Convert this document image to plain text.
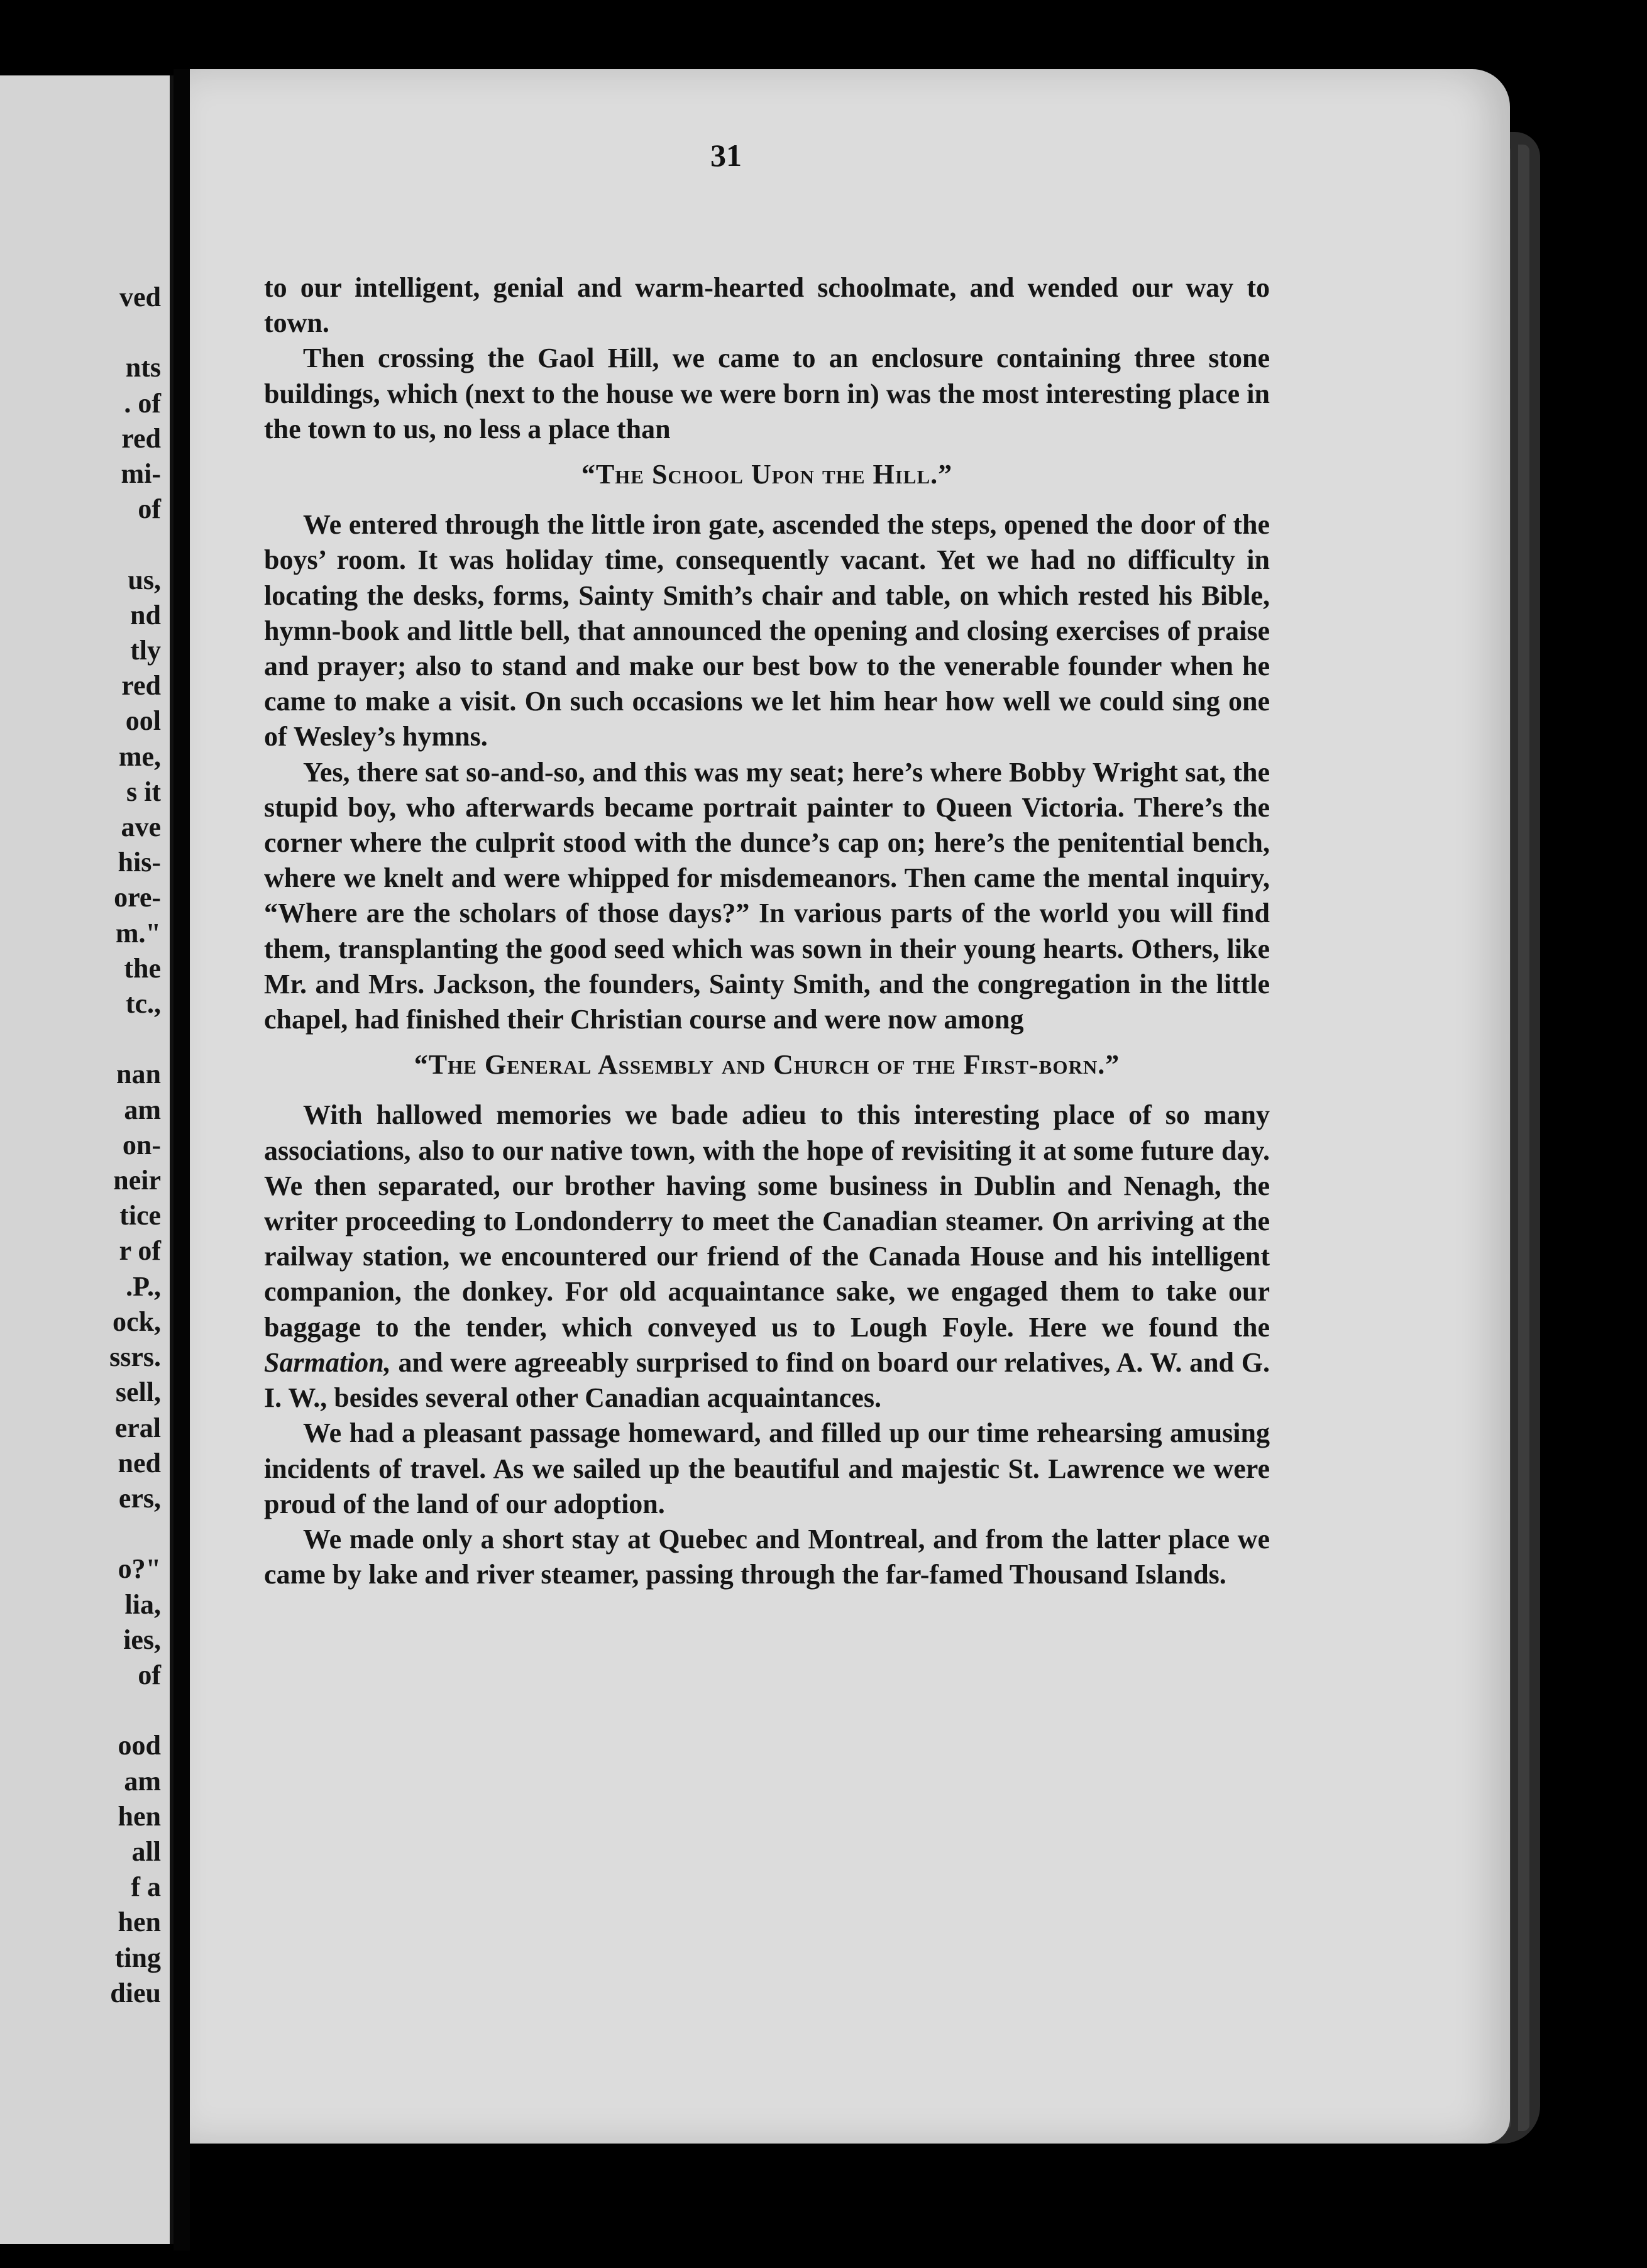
ved

nts
. of
red
mi-
of

us,
nd
tly
red
ool
me,
s it
ave
his-
ore-
m."
the
tc.,

nan
am
on-
neir
tice
r of
.P.,
ock,
ssrs.
sell,
eral
ned
ers,

o?"
lia,
ies,
of

ood
am
hen
all
f a
hen
ting
dieu
31

to our intelligent, genial and warm-hearted schoolmate, and wended our way to town.

Then crossing the Gaol Hill, we came to an enclosure containing three stone buildings, which (next to the house we were born in) was the most interesting place in the town to us, no less a place than

“The School Upon the Hill.”

We entered through the little iron gate, ascended the steps, opened the door of the boys’ room. It was holiday time, consequently vacant. Yet we had no difficulty in locating the desks, forms, Sainty Smith’s chair and table, on which rested his Bible, hymn-book and little bell, that announced the opening and closing exercises of praise and prayer; also to stand and make our best bow to the venerable founder when he came to make a visit. On such occasions we let him hear how well we could sing one of Wesley’s hymns.

Yes, there sat so-and-so, and this was my seat; here’s where Bobby Wright sat, the stupid boy, who afterwards became portrait painter to Queen Victoria. There’s the corner where the culprit stood with the dunce’s cap on; here’s the penitential bench, where we knelt and were whipped for misdemeanors. Then came the mental inquiry, “Where are the scholars of those days?” In various parts of the world you will find them, transplanting the good seed which was sown in their young hearts. Others, like Mr. and Mrs. Jackson, the founders, Sainty Smith, and the congregation in the little chapel, had finished their Christian course and were now among

“The General Assembly and Church of the First-born.”

With hallowed memories we bade adieu to this interesting place of so many associations, also to our native town, with the hope of revisiting it at some future day. We then separated, our brother having some business in Dublin and Nenagh, the writer proceeding to Londonderry to meet the Canadian steamer. On arriving at the railway station, we encountered our friend of the Canada House and his intelligent companion, the donkey. For old acquaintance sake, we engaged them to take our baggage to the tender, which conveyed us to Lough Foyle. Here we found the Sarmation, and were agreeably surprised to find on board our relatives, A. W. and G. I. W., besides several other Canadian acquaintances.

We had a pleasant passage homeward, and filled up our time rehearsing amusing incidents of travel. As we sailed up the beautiful and majestic St. Lawrence we were proud of the land of our adoption.

We made only a short stay at Quebec and Montreal, and from the latter place we came by lake and river steamer, passing through the far-famed Thousand Islands.
